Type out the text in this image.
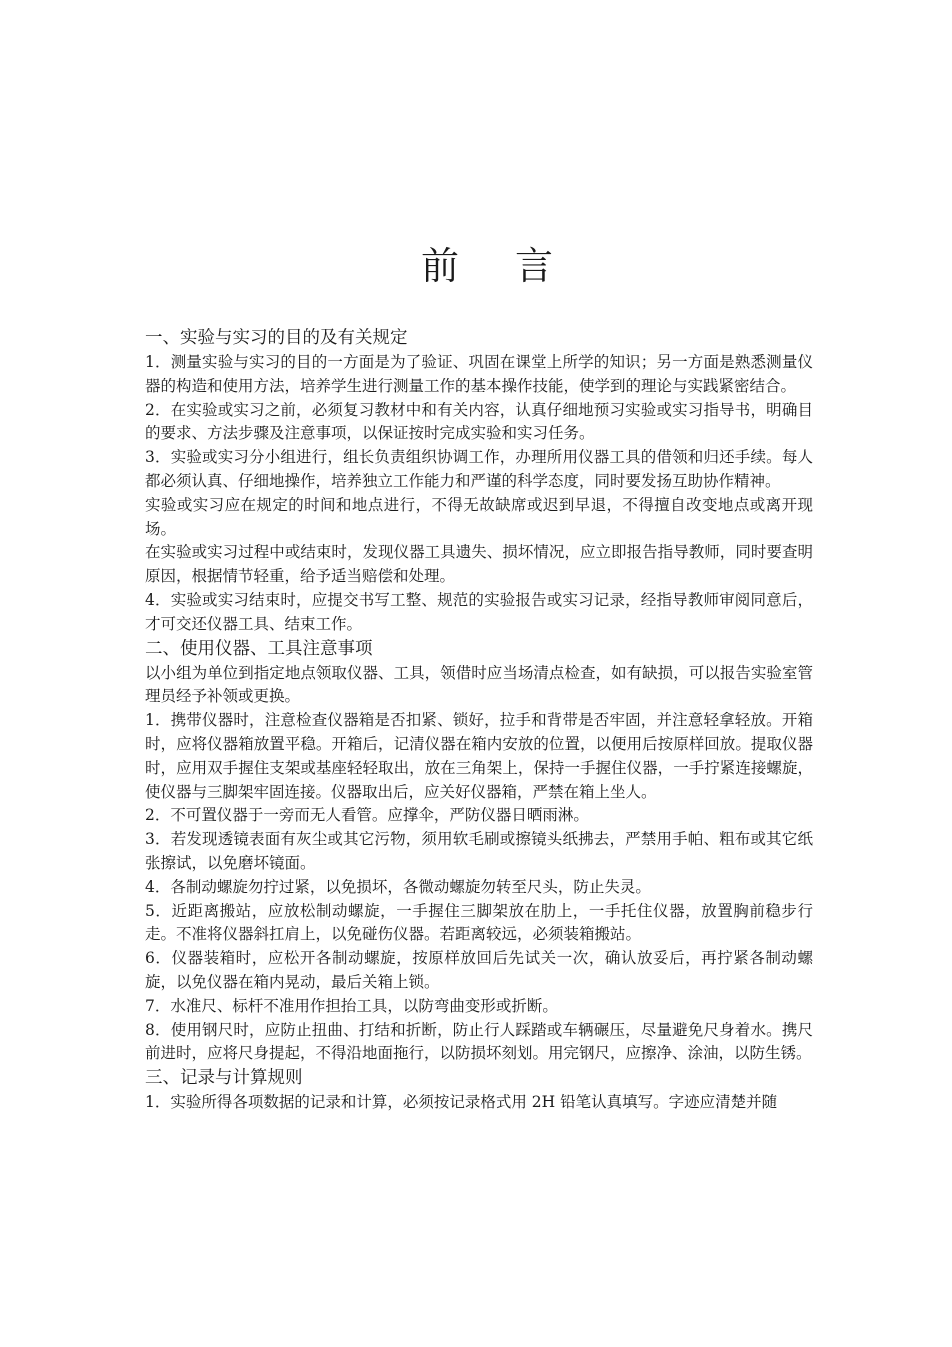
前 言
一、实验与实习的目的及有关规定

1．测量实验与实习的目的一方面是为了验证、巩固在课堂上所学的知识；另一方面是熟悉测量仪器的构造和使用方法，培养学生进行测量工作的基本操作技能，使学到的理论与实践紧密结合。

2．在实验或实习之前，必须复习教材中和有关内容，认真仔细地预习实验或实习指导书，明确目的要求、方法步骤及注意事项，以保证按时完成实验和实习任务。

3．实验或实习分小组进行，组长负责组织协调工作，办理所用仪器工具的借领和归还手续。每人都必须认真、仔细地操作，培养独立工作能力和严谨的科学态度，同时要发扬互助协作精神。

实验或实习应在规定的时间和地点进行，不得无故缺席或迟到早退，不得擅自改变地点或离开现场。

在实验或实习过程中或结束时，发现仪器工具遗失、损坏情况，应立即报告指导教师，同时要查明原因，根据情节轻重，给予适当赔偿和处理。

4．实验或实习结束时，应提交书写工整、规范的实验报告或实习记录，经指导教师审阅同意后，才可交还仪器工具、结束工作。

二、使用仪器、工具注意事项

以小组为单位到指定地点领取仪器、工具，领借时应当场清点检查，如有缺损，可以报告实验室管理员经予补领或更换。

1．携带仪器时，注意检查仪器箱是否扣紧、锁好，拉手和背带是否牢固，并注意轻拿轻放。开箱时，应将仪器箱放置平稳。开箱后，记清仪器在箱内安放的位置，以便用后按原样回放。提取仪器时，应用双手握住支架或基座轻轻取出，放在三角架上，保持一手握住仪器，一手拧紧连接螺旋，使仪器与三脚架牢固连接。仪器取出后，应关好仪器箱，严禁在箱上坐人。

2．不可置仪器于一旁而无人看管。应撑伞，严防仪器日晒雨淋。

3．若发现透镜表面有灰尘或其它污物，须用软毛刷或擦镜头纸拂去，严禁用手帕、粗布或其它纸张擦试，以免磨坏镜面。

4．各制动螺旋勿拧过紧，以免损坏，各微动螺旋勿转至尺头，防止失灵。

5．近距离搬站，应放松制动螺旋，一手握住三脚架放在肋上，一手托住仪器，放置胸前稳步行走。不准将仪器斜扛肩上，以免碰伤仪器。若距离较远，必须装箱搬站。

6．仪器装箱时，应松开各制动螺旋，按原样放回后先试关一次，确认放妥后，再拧紧各制动螺旋，以免仪器在箱内晃动，最后关箱上锁。

7．水准尺、标杆不准用作担抬工具，以防弯曲变形或折断。

8．使用钢尺时，应防止扭曲、打结和折断，防止行人踩踏或车辆碾压，尽量避免尺身着水。携尺前进时，应将尺身提起，不得沿地面拖行，以防损坏刻划。用完钢尺，应擦净、涂油，以防生锈。

三、记录与计算规则

1．实验所得各项数据的记录和计算，必须按记录格式用 2H 铅笔认真填写。字迹应清楚并随
